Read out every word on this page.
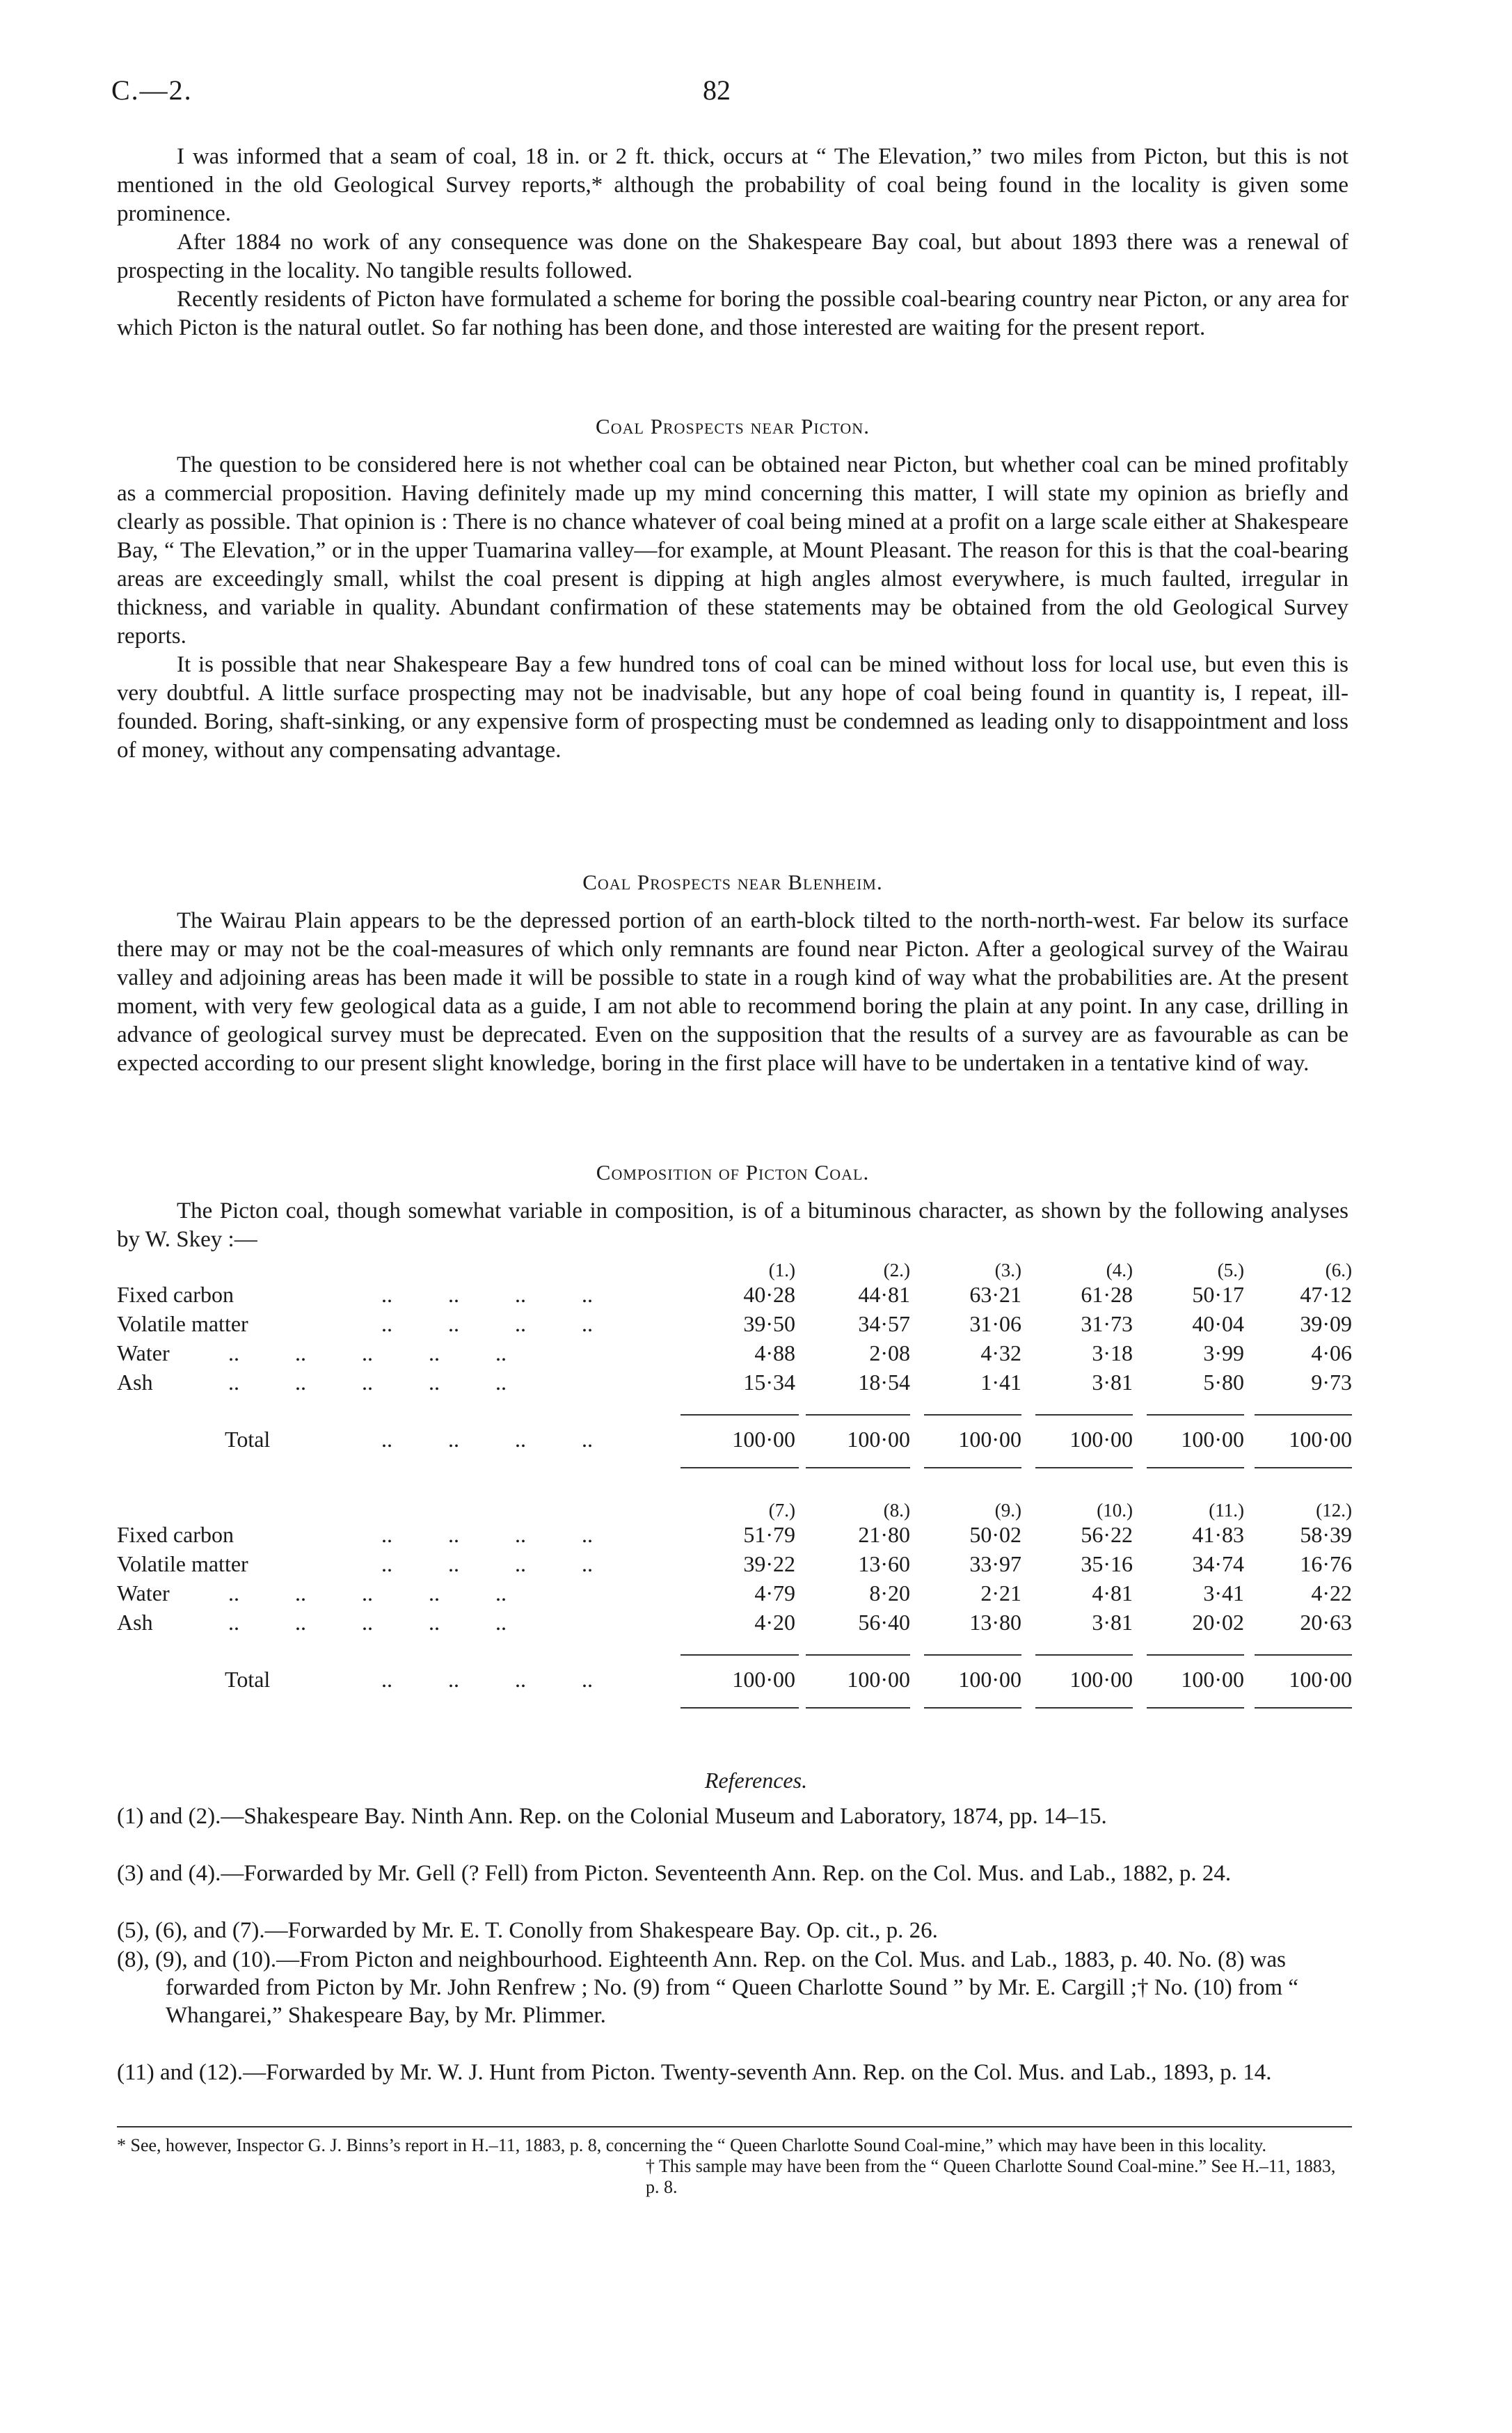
C.—2.	82

I was informed that a seam of coal, 18 in. or 2 ft. thick, occurs at “ The Elevation,” two miles from Picton, but this is not mentioned in the old Geological Survey reports,* although the probability of coal being found in the locality is given some prominence.

After 1884 no work of any consequence was done on the Shakespeare Bay coal, but about 1893 there was a renewal of prospecting in the locality. No tangible results followed.

Recently residents of Picton have formulated a scheme for boring the possible coal-bearing country near Picton, or any area for which Picton is the natural outlet. So far nothing has been done, and those interested are waiting for the present report.

Coal Prospects near Picton.

The question to be considered here is not whether coal can be obtained near Picton, but whether coal can be mined profitably as a commercial proposition. Having definitely made up my mind concerning this matter, I will state my opinion as briefly and clearly as possible. That opinion is : There is no chance whatever of coal being mined at a profit on a large scale either at Shakespeare Bay, “ The Elevation,” or in the upper Tuamarina valley—for example, at Mount Pleasant. The reason for this is that the coal-bearing areas are exceedingly small, whilst the coal present is dipping at high angles almost everywhere, is much faulted, irregular in thickness, and variable in quality. Abundant confirmation of these statements may be obtained from the old Geological Survey reports.

It is possible that near Shakespeare Bay a few hundred tons of coal can be mined without loss for local use, but even this is very doubtful. A little surface prospecting may not be inadvisable, but any hope of coal being found in quantity is, I repeat, ill-founded. Boring, shaft-sinking, or any expensive form of prospecting must be condemned as leading only to disappointment and loss of money, without any compensating advantage.

Coal Prospects near Blenheim.

The Wairau Plain appears to be the depressed portion of an earth-block tilted to the north-north-west. Far below its surface there may or may not be the coal-measures of which only remnants are found near Picton. After a geological survey of the Wairau valley and adjoining areas has been made it will be possible to state in a rough kind of way what the probabilities are. At the present moment, with very few geological data as a guide, I am not able to recommend boring the plain at any point. In any case, drilling in advance of geological survey must be deprecated. Even on the supposition that the results of a survey are as favourable as can be expected according to our present slight knowledge, boring in the first place will have to be undertaken in a tentative kind of way.

Composition of Picton Coal.

The Picton coal, though somewhat variable in composition, is of a bituminous character, as shown by the following analyses by W. Skey :—

(1.)	(2.)	(3.)	(4.)	(5.)	(6.)
Fixed carbon	..          ..          ..          ..	40·28	44·81	63·21	61·28	50·17	47·12
Volatile matter	..          ..          ..          ..	39·50	34·57	31·06	31·73	40·04	39·09
Water	..          ..          ..          ..          ..	4·88	2·08	4·32	3·18	3·99	4·06
Ash	..          ..          ..          ..          ..	15·34	18·54	1·41	3·81	5·80	9·73
Total ..          ..          ..          ..	100·00	100·00	100·00	100·00	100·00	100·00
(7.)	(8.)	(9.)	(10.)	(11.)	(12.)
Fixed carbon	..          ..          ..          ..	51·79	21·80	50·02	56·22	41·83	58·39
Volatile matter	..          ..          ..          ..	39·22	13·60	33·97	35·16	34·74	16·76
Water	..          ..          ..          ..          ..	4·79	8·20	2·21	4·81	3·41	4·22
Ash	..          ..          ..          ..          ..	4·20	56·40	13·80	3·81	20·02	20·63
Total ..          ..          ..          ..	100·00	100·00	100·00	100·00	100·00	100·00
References.
(1) and (2).—Shakespeare Bay. Ninth Ann. Rep. on the Colonial Museum and Laboratory, 1874, pp. 14–15.
(3) and (4).—Forwarded by Mr. Gell (? Fell) from Picton. Seventeenth Ann. Rep. on the Col. Mus. and Lab., 1882, p. 24.
(5), (6), and (7).—Forwarded by Mr. E. T. Conolly from Shakespeare Bay. Op. cit., p. 26.
(8), (9), and (10).—From Picton and neighbourhood. Eighteenth Ann. Rep. on the Col. Mus. and Lab., 1883, p. 40. No. (8) was forwarded from Picton by Mr. John Renfrew ; No. (9) from “ Queen Charlotte Sound ” by Mr. E. Cargill ;† No. (10) from “ Whangarei,” Shakespeare Bay, by Mr. Plimmer.
(11) and (12).—Forwarded by Mr. W. J. Hunt from Picton. Twenty-seventh Ann. Rep. on the Col. Mus. and Lab., 1893, p. 14.
* See, however, Inspector G. J. Binns’s report in H.–11, 1883, p. 8, concerning the “ Queen Charlotte Sound Coal-mine,” which may have been in this locality.
† This sample may have been from the “ Queen Charlotte Sound Coal-mine.” See H.–11, 1883, p. 8.
